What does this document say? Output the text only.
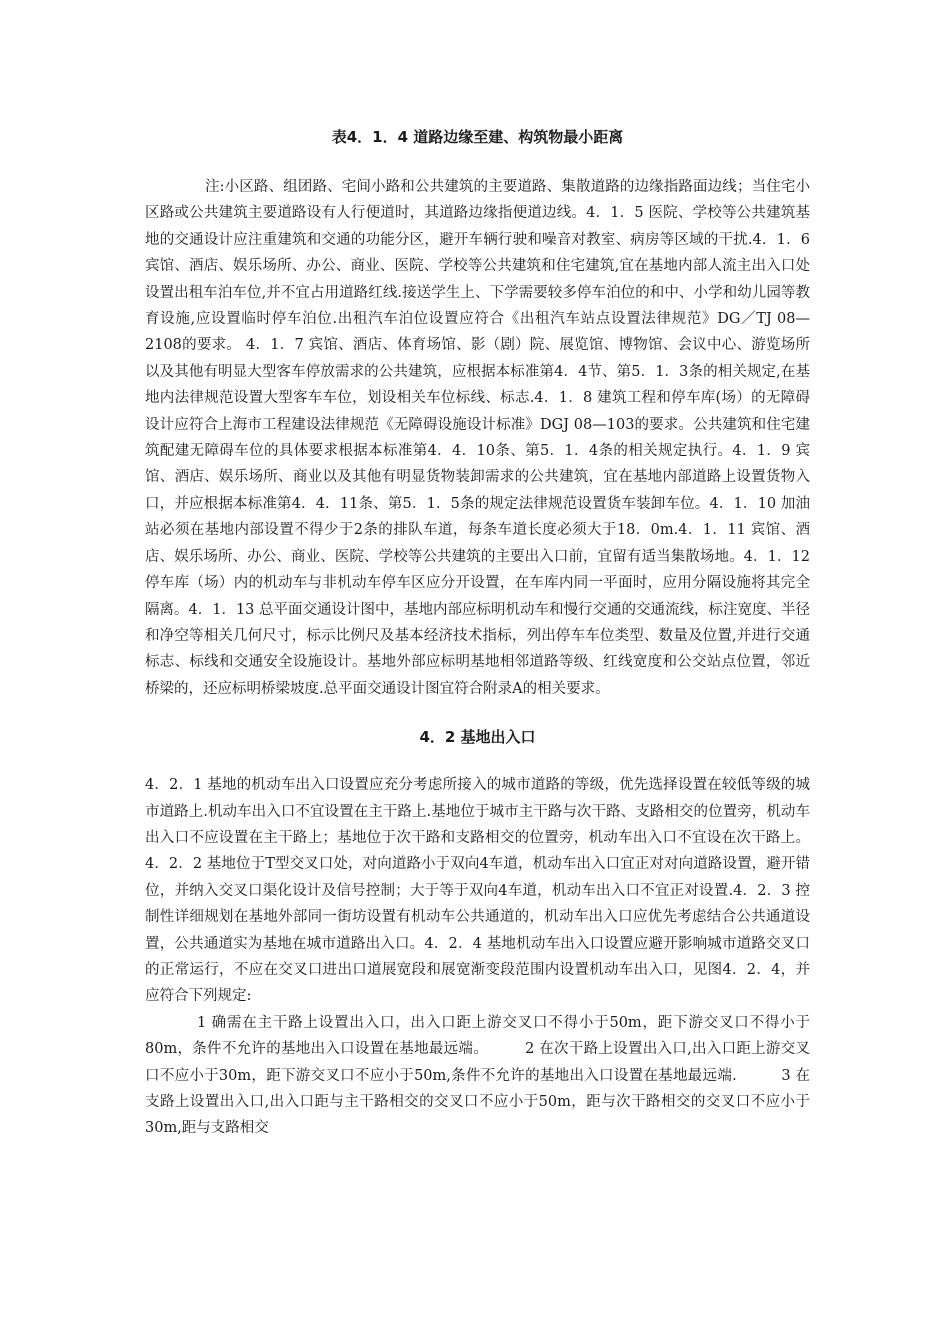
表4．1．4 道路边缘至建、构筑物最小距离

注:小区路、组团路、宅间小路和公共建筑的主要道路、集散道路的边缘指路面边线；当住宅小区路或公共建筑主要道路设有人行便道时，其道路边缘指便道边线。4．1．5 医院、学校等公共建筑基地的交通设计应注重建筑和交通的功能分区，避开车辆行驶和噪音对教室、病房等区域的干扰.4．1．6 宾馆、酒店、娱乐场所、办公、商业、医院、学校等公共建筑和住宅建筑,宜在基地内部人流主出入口处设置出租车泊车位,并不宜占用道路红线.接送学生上、下学需要较多停车泊位的和中、小学和幼儿园等教育设施,应设置临时停车泊位.出租汽车泊位设置应符合《出租汽车站点设置法律规范》DG／TJ 08—2108的要求。 4．1．7 宾馆、酒店、体育场馆、影（剧）院、展览馆、博物馆、会议中心、游览场所以及其他有明显大型客车停放需求的公共建筑，应根据本标准第4．4节、第5．1．3条的相关规定,在基地内法律规范设置大型客车车位，划设相关车位标线、标志.4．1．8 建筑工程和停车库(场）的无障碍设计应符合上海市工程建设法律规范《无障碍设施设计标准》DGJ 08—103的要求。公共建筑和住宅建筑配建无障碍车位的具体要求根据本标准第4．4．10条、第5．1．4条的相关规定执行。4．1．9 宾馆、酒店、娱乐场所、商业以及其他有明显货物装卸需求的公共建筑，宜在基地内部道路上设置货物入口，并应根据本标准第4．4．11条、第5．1．5条的规定法律规范设置货车装卸车位。4．1．10 加油站必须在基地内部设置不得少于2条的排队车道，每条车道长度必须大于18．0m.4．1．11 宾馆、酒店、娱乐场所、办公、商业、医院、学校等公共建筑的主要出入口前，宜留有适当集散场地。4．1．12 停车库（场）内的机动车与非机动车停车区应分开设置，在车库内同一平面时，应用分隔设施将其完全隔离。4．1．13 总平面交通设计图中，基地内部应标明机动车和慢行交通的交通流线，标注宽度、半径和净空等相关几何尺寸，标示比例尺及基本经济技术指标，列出停车车位类型、数量及位置,并进行交通标志、标线和交通安全设施设计。基地外部应标明基地相邻道路等级、红线宽度和公交站点位置，邻近桥梁的，还应标明桥梁坡度.总平面交通设计图宜符合附录A的相关要求。

4．2 基地出入口

4．2．1 基地的机动车出入口设置应充分考虑所接入的城市道路的等级，优先选择设置在较低等级的城市道路上.机动车出入口不宜设置在主干路上.基地位于城市主干路与次干路、支路相交的位置旁，机动车出入口不应设置在主干路上；基地位于次干路和支路相交的位置旁，机动车出入口不宜设在次干路上。4．2．2 基地位于T型交叉口处，对向道路小于双向4车道，机动车出入口宜正对对向道路设置，避开错位，并纳入交叉口渠化设计及信号控制；大于等于双向4车道，机动车出入口不宜正对设置.4．2．3 控制性详细规划在基地外部同一街坊设置有机动车公共通道的，机动车出入口应优先考虑结合公共通道设置，公共通道实为基地在城市道路出入口。4．2．4 基地机动车出入口设置应避开影响城市道路交叉口的正常运行，不应在交叉口进出口道展宽段和展宽渐变段范围内设置机动车出入口，见图4．2．4，并应符合下列规定:

1 确需在主干路上设置出入口，出入口距上游交叉口不得小于50m，距下游交叉口不得小于80m，条件不允许的基地出入口设置在基地最远端。　　　2 在次干路上设置出入口,出入口距上游交叉口不应小于30m，距下游交叉口不应小于50m,条件不允许的基地出入口设置在基地最远端.　　　3 在支路上设置出入口,出入口距与主干路相交的交叉口不应小于50m，距与次干路相交的交叉口不应小于30m,距与支路相交
